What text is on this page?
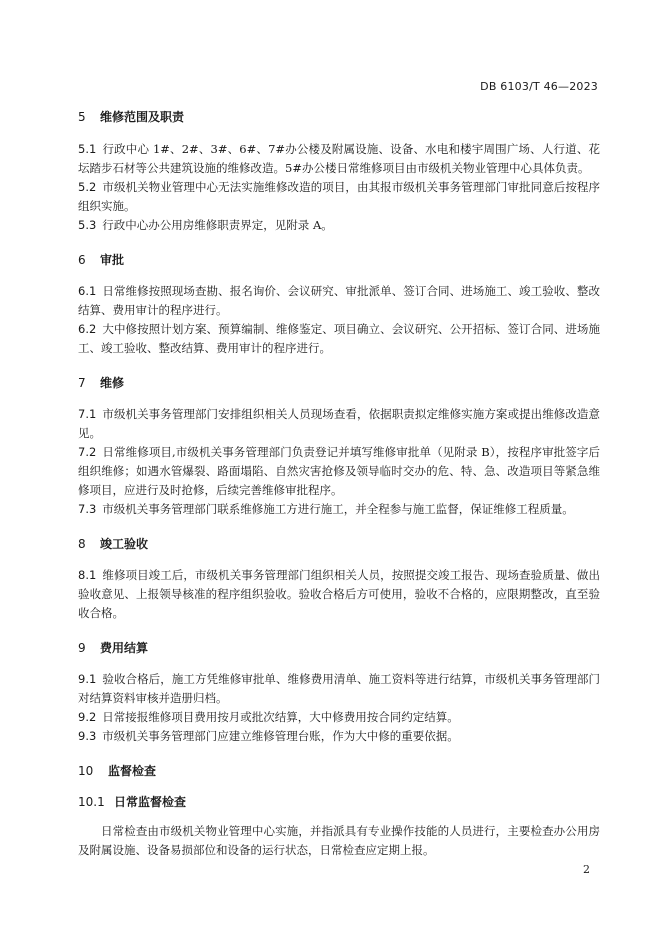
DB 6103/T 46—2023
5 维修范围及职责

5.1 行政中心 1#、2#、3#、6#、7#办公楼及附属设施、设备、水电和楼宇周围广场、人行道、花坛踏步石材等公共建筑设施的维修改造。5#办公楼日常维修项目由市级机关物业管理中心具体负责。

5.2 市级机关物业管理中心无法实施维修改造的项目，由其报市级机关事务管理部门审批同意后按程序组织实施。

5.3 行政中心办公用房维修职责界定，见附录 A。

6 审批

6.1 日常维修按照现场查勘、报名询价、会议研究、审批派单、签订合同、进场施工、竣工验收、整改结算、费用审计的程序进行。

6.2 大中修按照计划方案、预算编制、维修鉴定、项目确立、会议研究、公开招标、签订合同、进场施工、竣工验收、整改结算、费用审计的程序进行。

7 维修

7.1 市级机关事务管理部门安排组织相关人员现场查看，依据职责拟定维修实施方案或提出维修改造意见。

7.2 日常维修项目,市级机关事务管理部门负责登记并填写维修审批单（见附录 B），按程序审批签字后组织维修；如遇水管爆裂、路面塌陷、自然灾害抢修及领导临时交办的危、特、急、改造项目等紧急维修项目，应进行及时抢修，后续完善维修审批程序。

7.3 市级机关事务管理部门联系维修施工方进行施工，并全程参与施工监督，保证维修工程质量。

8 竣工验收

8.1 维修项目竣工后，市级机关事务管理部门组织相关人员，按照提交竣工报告、现场查验质量、做出验收意见、上报领导核准的程序组织验收。验收合格后方可使用，验收不合格的，应限期整改，直至验收合格。

9 费用结算

9.1 验收合格后，施工方凭维修审批单、维修费用清单、施工资料等进行结算，市级机关事务管理部门对结算资料审核并造册归档。

9.2 日常接报维修项目费用按月或批次结算，大中修费用按合同约定结算。

9.3 市级机关事务管理部门应建立维修管理台账，作为大中修的重要依据。

10 监督检查
10.1 日常监督检查

日常检查由市级机关物业管理中心实施，并指派具有专业操作技能的人员进行，主要检查办公用房及附属设施、设备易损部位和设备的运行状态，日常检查应定期上报。

2
